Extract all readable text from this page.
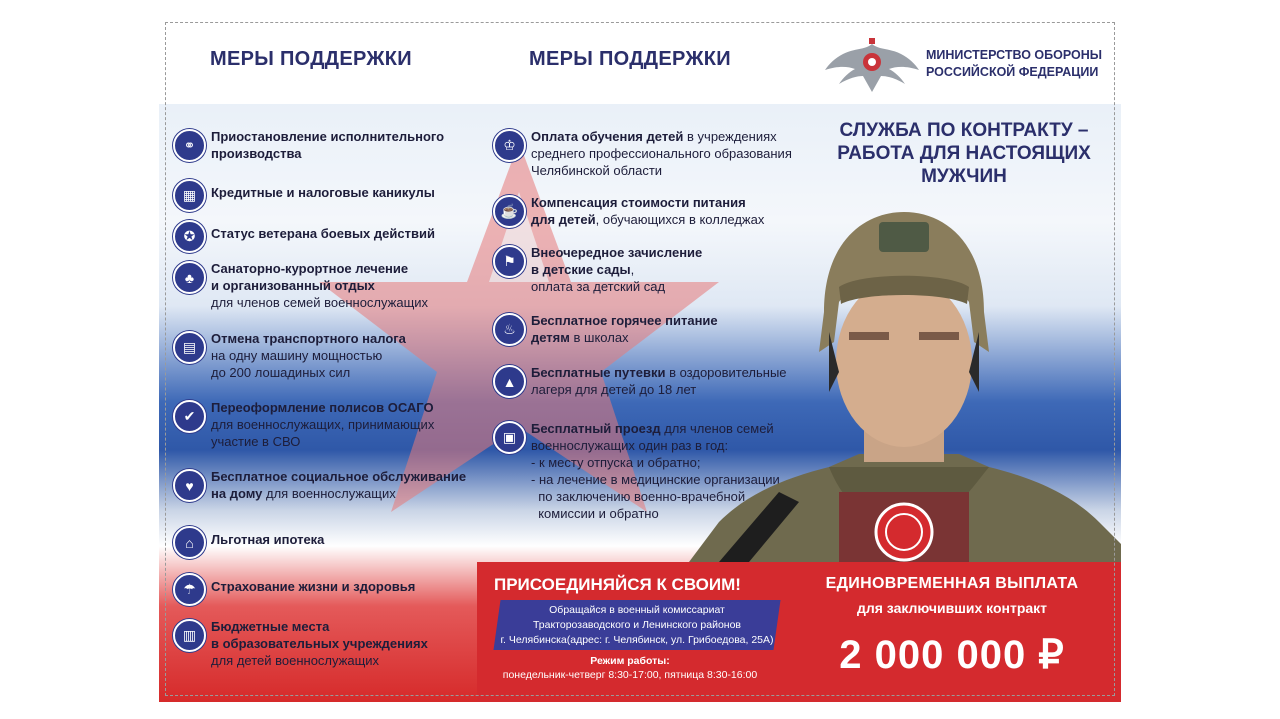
МЕРЫ ПОДДЕРЖКИ	МЕРЫ ПОДДЕРЖКИ	МИНИСТЕРСТВО ОБОРОНЫ
РОССИЙСКОЙ ФЕДЕРАЦИИ
⚭
Приостановление исполнительного
производства
▦	Кредитные и налоговые каникулы
✪	Статус ветерана боевых действий
♣
Санаторно-курортное лечение
и организованный отдых
для членов семей военнослужащих
▤
Отмена транспортного налога
на одну машину мощностью
до 200 лошадиных сил
✔
Переоформление полисов ОСАГО
для военнослужащих, принимающих
участие в СВО
♥
Бесплатное социальное обслуживание
на дому для военнослужащих
⌂	Льготная ипотека
☂	Страхование жизни и здоровья
▥
Бюджетные места
в образовательных учреждениях
для детей военнослужащих
♔
Оплата обучения детей в учреждениях
среднего профессионального образования
Челябинской области
☕
Компенсация стоимости питания
для детей, обучающихся в колледжах
⚑
Внеочередное зачисление
в детские сады,
оплата за детский сад
♨
Бесплатное горячее питание
детям в школах
▲
Бесплатные путевки в оздоровительные
лагеря для детей до 18 лет
▣
Бесплатный проезд для членов семей
военнослужащих один раз в год:
- к месту отпуска и обратно;
- на лечение в медицинские организации
по заключению военно-врачебной
комиссии и обратно
СЛУЖБА ПО КОНТРАКТУ –
РАБОТА ДЛЯ НАСТОЯЩИХ
МУЖЧИН
ПРИСОЕДИНЯЙСЯ К СВОИМ!
Обращайся в военный комиссариат
Тракторозаводского и Ленинского районов
г. Челябинска(адрес: г. Челябинск, ул. Грибоедова, 25А)
Режим работы:
понедельник-четверг 8:30-17:00, пятница 8:30-16:00
ЕДИНОВРЕМЕННАЯ ВЫПЛАТА
для заключивших контракт
2 000 000 ₽
